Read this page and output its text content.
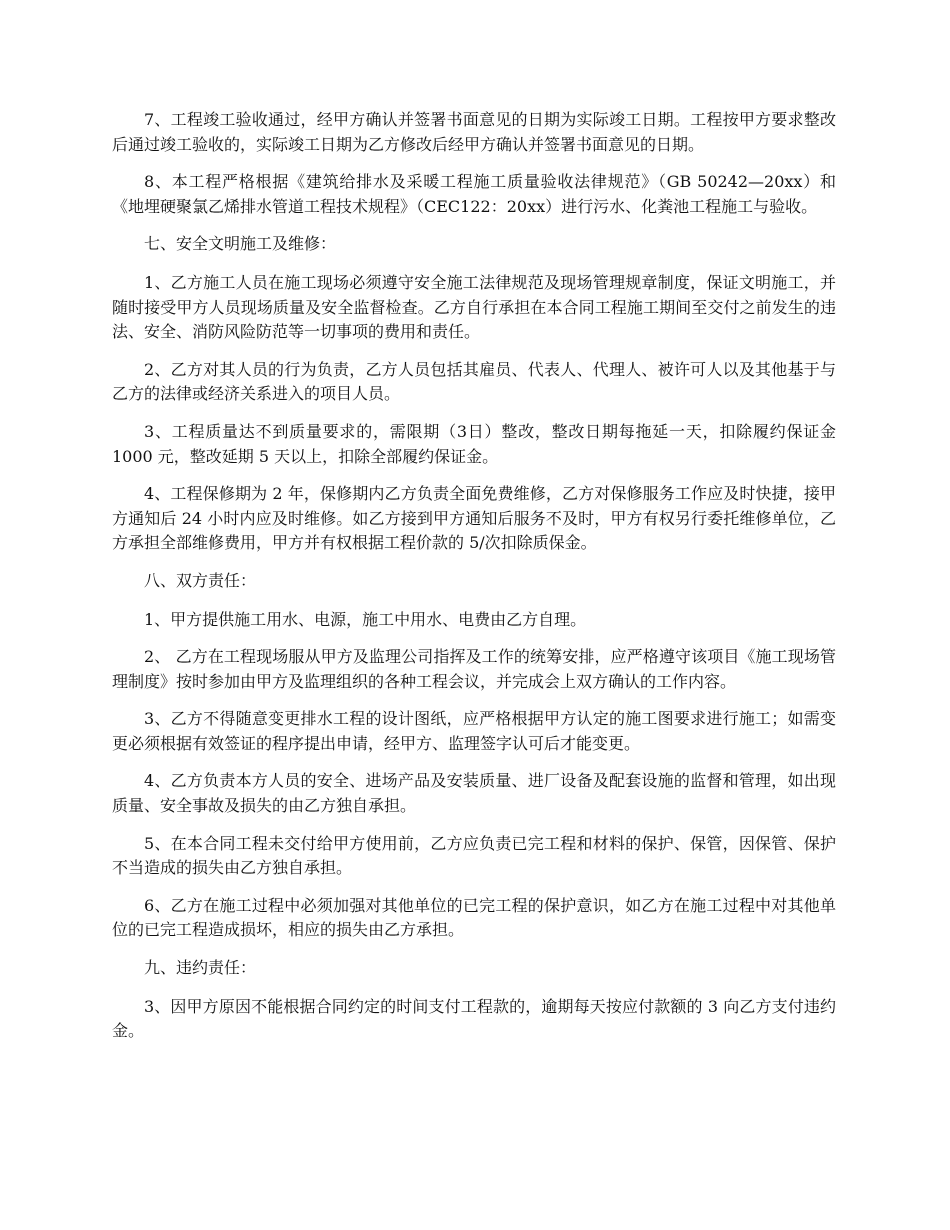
7、工程竣工验收通过，经甲方确认并签署书面意见的日期为实际竣工日期。工程按甲方要求整改后通过竣工验收的，实际竣工日期为乙方修改后经甲方确认并签署书面意见的日期。

8、本工程严格根据《建筑给排水及采暖工程施工质量验收法律规范》（GB 50242—20xx）和《地埋硬聚氯乙烯排水管道工程技术规程》（CEC122：20xx）进行污水、化粪池工程施工与验收。

七、安全文明施工及维修：

1、乙方施工人员在施工现场必须遵守安全施工法律规范及现场管理规章制度，保证文明施工，并随时接受甲方人员现场质量及安全监督检查。乙方自行承担在本合同工程施工期间至交付之前发生的违法、安全、消防风险防范等一切事项的费用和责任。

2、乙方对其人员的行为负责，乙方人员包括其雇员、代表人、代理人、被许可人以及其他基于与乙方的法律或经济关系进入的项目人员。

3、工程质量达不到质量要求的，需限期（3日）整改，整改日期每拖延一天，扣除履约保证金 1000 元，整改延期 5 天以上，扣除全部履约保证金。

4、工程保修期为 2 年，保修期内乙方负责全面免费维修，乙方对保修服务工作应及时快捷，接甲方通知后 24 小时内应及时维修。如乙方接到甲方通知后服务不及时，甲方有权另行委托维修单位，乙方承担全部维修费用，甲方并有权根据工程价款的 5/次扣除质保金。

八、双方责任：

1、甲方提供施工用水、电源，施工中用水、电费由乙方自理。

2、 乙方在工程现场服从甲方及监理公司指挥及工作的统筹安排，应严格遵守该项目《施工现场管理制度》按时参加由甲方及监理组织的各种工程会议，并完成会上双方确认的工作内容。

3、乙方不得随意变更排水工程的设计图纸，应严格根据甲方认定的施工图要求进行施工；如需变更必须根据有效签证的程序提出申请，经甲方、监理签字认可后才能变更。

4、乙方负责本方人员的安全、进场产品及安装质量、进厂设备及配套设施的监督和管理，如出现质量、安全事故及损失的由乙方独自承担。

5、在本合同工程未交付给甲方使用前，乙方应负责已完工程和材料的保护、保管，因保管、保护不当造成的损失由乙方独自承担。

6、乙方在施工过程中必须加强对其他单位的已完工程的保护意识，如乙方在施工过程中对其他单位的已完工程造成损坏，相应的损失由乙方承担。

九、违约责任：

3、因甲方原因不能根据合同约定的时间支付工程款的，逾期每天按应付款额的 3 向乙方支付违约金。
